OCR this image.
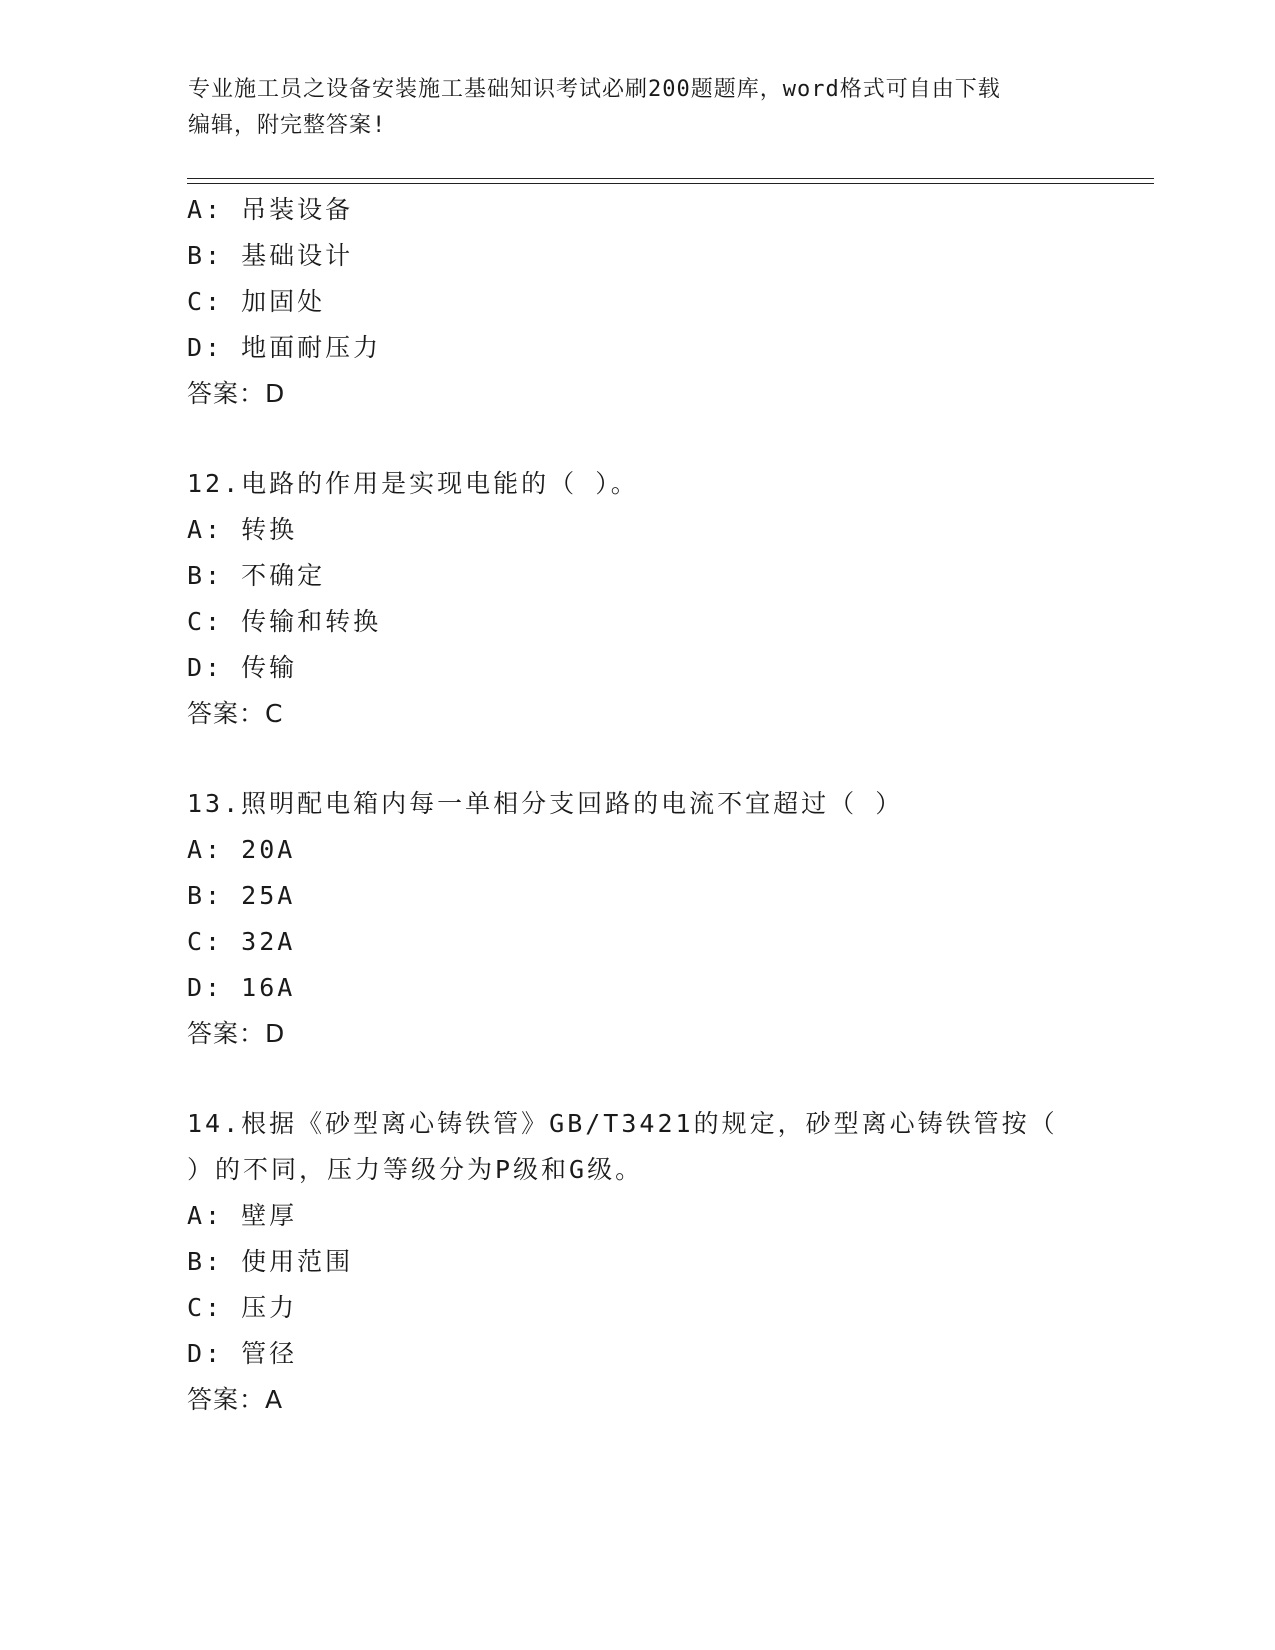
专业施工员之设备安装施工基础知识考试必刷200题题库，word格式可自由下载
编辑，附完整答案!
A: 吊装设备
B: 基础设计
C: 加固处
D: 地面耐压力
答案：D
12.电路的作用是实现电能的（ ）。
A: 转换
B: 不确定
C: 传输和转换
D: 传输
答案：C
13.照明配电箱内每一单相分支回路的电流不宜超过（ ）
A: 20A
B: 25A
C: 32A
D: 16A
答案：D
14.根据《砂型离心铸铁管》GB/T3421的规定，砂型离心铸铁管按（
）的不同，压力等级分为P级和G级。
A: 壁厚
B: 使用范围
C: 压力
D: 管径
答案：A
